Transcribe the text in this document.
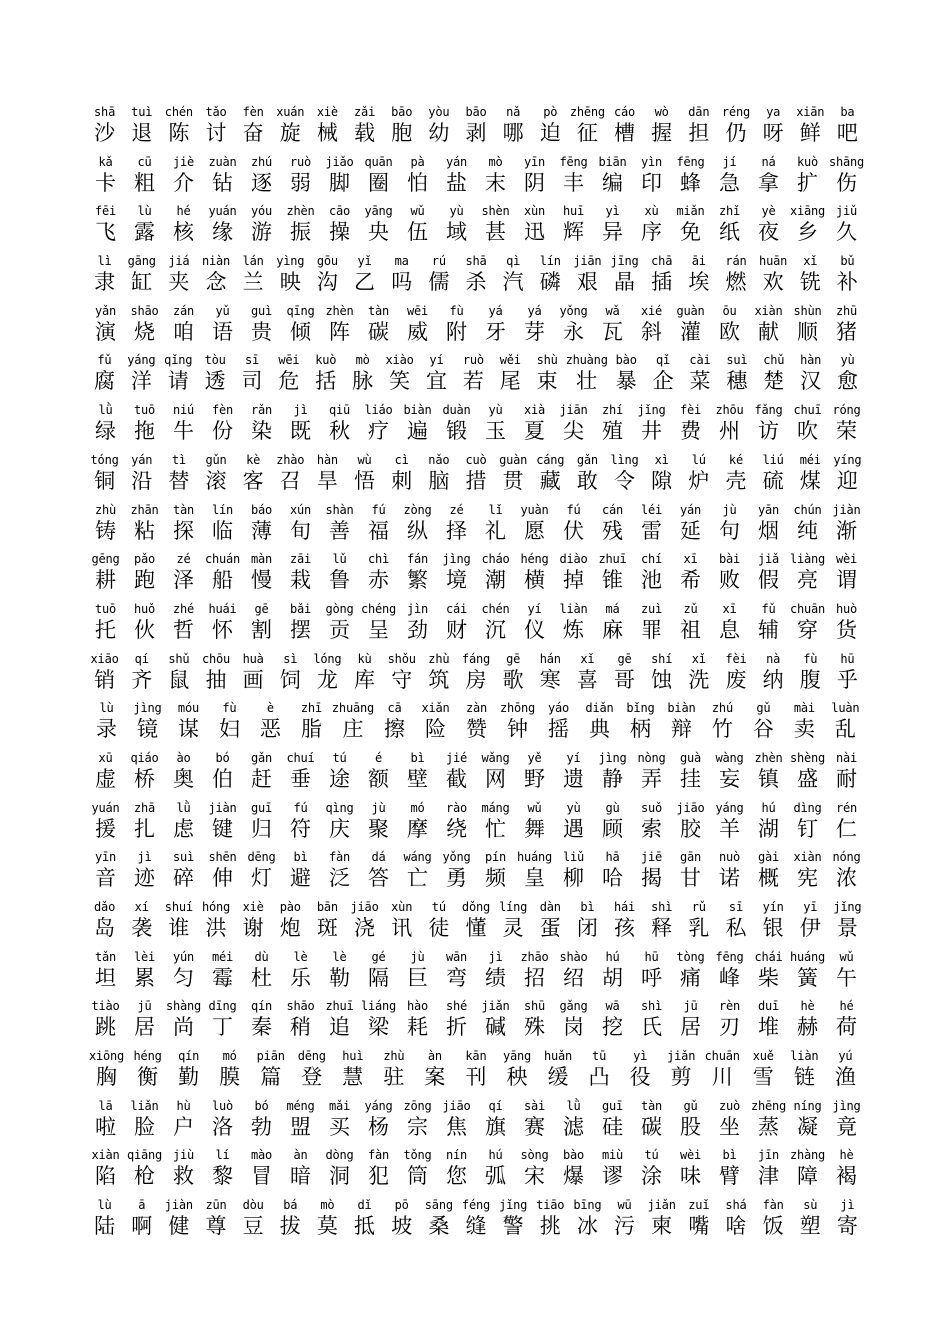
shā
沙
tuì
退
chén
陈
tǎo
讨
fèn
奋
xuán
旋
xiè
械
zǎi
载
bāo
胞
yòu
幼
bāo
剥
nǎ
哪
pò
迫
zhēng
征
cáo
槽
wò
握
dān
担
réng
仍
ya
呀
xiān
鲜
ba
吧
kǎ
卡
cū
粗
jiè
介
zuàn
钻
zhú
逐
ruò
弱
jiǎo
脚
quān
圈
pà
怕
yán
盐
mò
末
yīn
阴
fēng
丰
biān
编
yìn
印
fēng
蜂
jí
急
ná
拿
kuò
扩
shāng
伤
fēi
飞
lù
露
hé
核
yuán
缘
yóu
游
zhèn
振
cāo
操
yāng
央
wǔ
伍
yù
域
shèn
甚
xùn
迅
huī
辉
yì
异
xù
序
miǎn
免
zhǐ
纸
yè
夜
xiāng
乡
jiǔ
久
lì
隶
gāng
缸
jiá
夹
niàn
念
lán
兰
yìng
映
gōu
沟
yǐ
乙
ma
吗
rú
儒
shā
杀
qì
汽
lín
磷
jiān
艰
jīng
晶
chā
插
āi
埃
rán
燃
huān
欢
xǐ
铣
bǔ
补
yǎn
演
shāo
烧
zán
咱
yǔ
语
guì
贵
qīng
倾
zhèn
阵
tàn
碳
wēi
威
fù
附
yá
牙
yá
芽
yǒng
永
wǎ
瓦
xié
斜
guàn
灌
ōu
欧
xiàn
献
shùn
顺
zhū
猪
fǔ
腐
yáng
洋
qǐng
请
tòu
透
sī
司
wēi
危
kuò
括
mò
脉
xiào
笑
yí
宜
ruò
若
wěi
尾
shù
束
zhuàng
壮
bào
暴
qǐ
企
cài
菜
suì
穗
chǔ
楚
hàn
汉
yù
愈
lǜ
绿
tuō
拖
niú
牛
fèn
份
rǎn
染
jì
既
qiū
秋
liáo
疗
biàn
遍
duàn
锻
yù
玉
xià
夏
jiān
尖
zhí
殖
jǐng
井
fèi
费
zhōu
州
fǎng
访
chuī
吹
róng
荣
tóng
铜
yán
沿
tì
替
gǔn
滚
kè
客
zhào
召
hàn
旱
wù
悟
cì
刺
nǎo
脑
cuò
措
guàn
贯
cáng
藏
gǎn
敢
lìng
令
xì
隙
lú
炉
ké
壳
liú
硫
méi
煤
yíng
迎
zhù
铸
zhān
粘
tàn
探
lín
临
báo
薄
xún
旬
shàn
善
fú
福
zòng
纵
zé
择
lǐ
礼
yuàn
愿
fú
伏
cán
残
léi
雷
yán
延
jù
句
yān
烟
chún
纯
jiàn
渐
gēng
耕
pǎo
跑
zé
泽
chuán
船
màn
慢
zāi
栽
lǔ
鲁
chì
赤
fán
繁
jìng
境
cháo
潮
héng
横
diào
掉
zhuī
锥
chí
池
xī
希
bài
败
jiǎ
假
liàng
亮
wèi
谓
tuō
托
huǒ
伙
zhé
哲
huái
怀
gē
割
bǎi
摆
gòng
贡
chéng
呈
jìn
劲
cái
财
chén
沉
yí
仪
liàn
炼
má
麻
zuì
罪
zǔ
祖
xī
息
fǔ
辅
chuān
穿
huò
货
xiāo
销
qí
齐
shǔ
鼠
chōu
抽
huà
画
sì
饲
lóng
龙
kù
库
shǒu
守
zhù
筑
fáng
房
gē
歌
hán
寒
xǐ
喜
gē
哥
shí
蚀
xǐ
洗
fèi
废
nà
纳
fù
腹
hū
乎
lù
录
jìng
镜
móu
谋
fù
妇
è
恶
zhī
脂
zhuāng
庄
cā
擦
xiǎn
险
zàn
赞
zhōng
钟
yáo
摇
diǎn
典
bǐng
柄
biàn
辩
zhú
竹
gǔ
谷
mài
卖
luàn
乱
xū
虚
qiáo
桥
ào
奥
bó
伯
gǎn
赶
chuí
垂
tú
途
é
额
bì
壁
jié
截
wǎng
网
yě
野
yí
遗
jìng
静
nòng
弄
guà
挂
wàng
妄
zhèn
镇
shèng
盛
nài
耐
yuán
援
zhā
扎
lǜ
虑
jiàn
键
guī
归
fú
符
qìng
庆
jù
聚
mó
摩
rào
绕
máng
忙
wǔ
舞
yù
遇
gù
顾
suǒ
索
jiāo
胶
yáng
羊
hú
湖
dìng
钉
rén
仁
yīn
音
jì
迹
suì
碎
shēn
伸
dēng
灯
bì
避
fàn
泛
dá
答
wáng
亡
yǒng
勇
pín
频
huáng
皇
liǔ
柳
hā
哈
jiē
揭
gān
甘
nuò
诺
gài
概
xiàn
宪
nóng
浓
dǎo
岛
xí
袭
shuí
谁
hóng
洪
xiè
谢
pào
炮
bān
斑
jiāo
浇
xùn
讯
tú
徒
dǒng
懂
líng
灵
dàn
蛋
bì
闭
hái
孩
shì
释
rǔ
乳
sī
私
yín
银
yī
伊
jǐng
景
tǎn
坦
lèi
累
yún
匀
méi
霉
dù
杜
lè
乐
lè
勒
gé
隔
jù
巨
wān
弯
jì
绩
zhāo
招
shào
绍
hú
胡
hū
呼
tòng
痛
fēng
峰
chái
柴
huáng
簧
wǔ
午
tiào
跳
jū
居
shàng
尚
dīng
丁
qín
秦
shāo
稍
zhuī
追
liáng
梁
hào
耗
shé
折
jiǎn
碱
shū
殊
gǎng
岗
wā
挖
shì
氏
jū
居
rèn
刃
duī
堆
hè
赫
hé
荷
xiōng
胸
héng
衡
qín
勤
mó
膜
piān
篇
dēng
登
huì
慧
zhù
驻
àn
案
kān
刊
yāng
秧
huǎn
缓
tū
凸
yì
役
jiǎn
剪
chuān
川
xuě
雪
liàn
链
yú
渔
lā
啦
liǎn
脸
hù
户
luò
洛
bó
勃
méng
盟
mǎi
买
yáng
杨
zōng
宗
jiāo
焦
qí
旗
sài
赛
lǜ
滤
guī
硅
tàn
碳
gǔ
股
zuò
坐
zhēng
蒸
níng
凝
jìng
竟
xiàn
陷
qiāng
枪
jiù
救
lí
黎
mào
冒
àn
暗
dòng
洞
fàn
犯
tǒng
筒
nín
您
hú
弧
sòng
宋
bào
爆
miù
谬
tú
涂
wèi
味
bì
臂
jīn
津
zhàng
障
hè
褐
lù
陆
ā
啊
jiàn
健
zūn
尊
dòu
豆
bá
拔
mò
莫
dǐ
抵
pō
坡
sāng
桑
féng
缝
jǐng
警
tiāo
挑
bīng
冰
wū
污
jiǎn
柬
zuǐ
嘴
shá
啥
fàn
饭
sù
塑
jì
寄
